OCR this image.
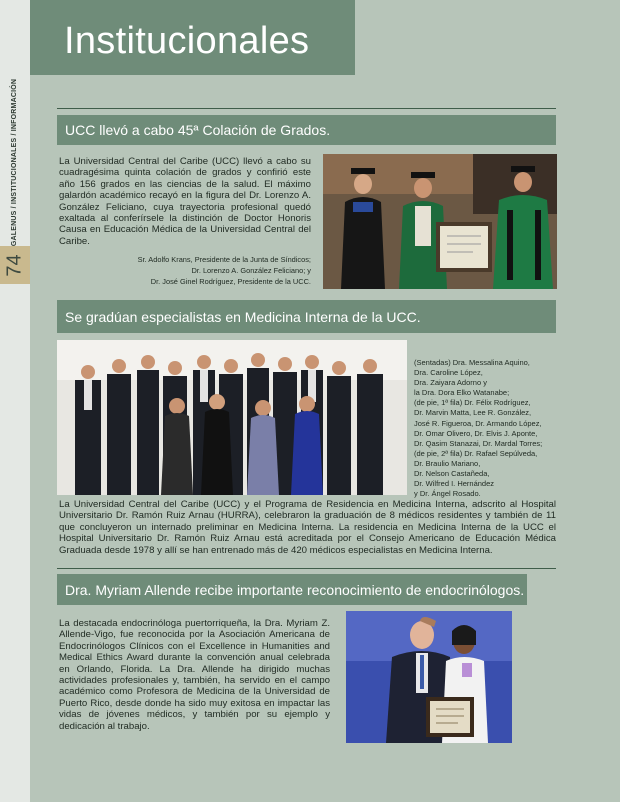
GALENUS / INSTITUCIONALES / INFORMACIÓN
74
Institucionales
UCC llevó a cabo 45ª Colación de Grados.
La Universidad Central del Caribe (UCC) llevó a cabo su cuadragésima quinta colación de grados y confirió este año 156 grados en las ciencias de la salud. El máximo galardón académico recayó en la figura del Dr. Lorenzo A. González Feliciano, cuya trayectoria profesional quedó exaltada al conferírsele la distinción de Doctor Honoris Causa en Educación Médica de la Universidad Central del Caribe.
Sr. Adolfo Krans, Presidente de la Junta de Síndicos;
Dr. Lorenzo A. González Feliciano; y
Dr. José Ginel Rodríguez, Presidente de la UCC.
Se gradúan especialistas en Medicina Interna de la UCC.
(Sentadas) Dra. Messalina Aquino,
Dra. Caroline López,
Dra. Zaiyara Adorno y
la Dra. Dora Elko Watanabe;
(de pie, 1ª fila) Dr. Félix Rodríguez,
Dr. Marvin Matta, Lee R. González,
José R. Figueroa, Dr. Armando López,
Dr. Omar Olivero, Dr. Elvis J. Aponte,
Dr. Qasim Stanazai, Dr. Mardal Torres;
(de pie, 2ª fila) Dr. Rafael Sepúlveda,
Dr. Braulio Mariano,
Dr. Nelson Castañeda,
Dr. Wilfred I. Hernández
y Dr. Ángel Rosado.
La Universidad Central del Caribe (UCC) y el Programa de Residencia en Medicina Interna, adscrito al Hospital Universitario Dr. Ramón Ruiz Arnau (HURRA), celebraron la graduación de 8 médicos residentes y también de 11 que concluyeron un internado preliminar en Medicina Interna. La residencia en Medicina Interna de la UCC el Hospital Universitario Dr. Ramón Ruiz Arnau está acreditada por el Consejo Americano de Educación Médica Graduada desde 1978 y allí se han entrenado más de 420 médicos especialistas en Medicina Interna.
Dra. Myriam Allende recibe importante reconocimiento de endocrinólogos.
La destacada endocrinóloga puertorriqueña, la Dra. Myriam Z. Allende-Vigo, fue reconocida por la Asociación Americana de Endocrinólogos Clínicos con el Excellence in Humanities and Medical Ethics Award durante la convención anual celebrada en Orlando, Florida. La Dra. Allende ha dirigido muchas actividades profesionales y, también, ha servido en el campo académico como Profesora de Medicina de la Universidad de Puerto Rico, desde donde ha sido muy exitosa en impactar las vidas de jóvenes médicos, y también por su ejemplo y dedicación al trabajo.
